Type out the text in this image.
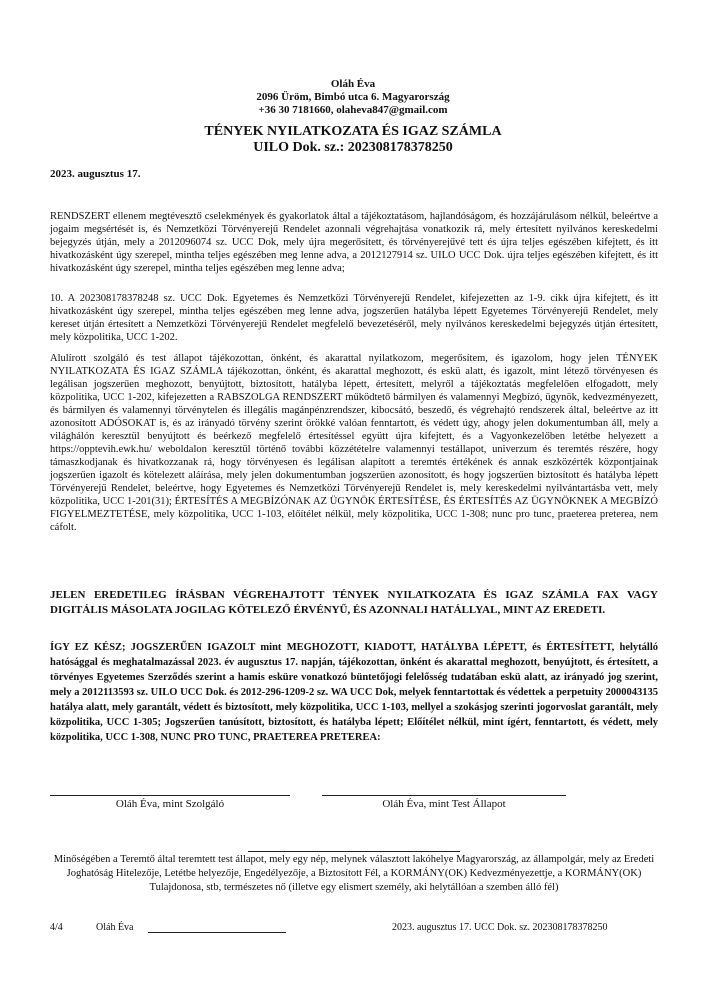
Oláh Éva
2096 Üröm, Bimbó utca 6. Magyarország
+36 30 7181660, olaheva847@gmail.com
TÉNYEK NYILATKOZATA ÉS IGAZ SZÁMLA
UILO Dok. sz.: 202308178378250
2023. augusztus 17.

RENDSZERT ellenem megtévesztő cselekmények és gyakorlatok által a tájékoztatásom, hajlandóságom, és hozzájárulásom nélkül, beleértve a jogaim megsértését is, és Nemzetközi Törvényerejű Rendelet azonnali végrehajtása vonatkozik rá, mely értesített nyilvános kereskedelmi bejegyzés útján, mely a 2012096074 sz. UCC Dok, mely újra megerősített, és törvényerejűvé tett és újra teljes egészében kifejtett, és itt hivatkozásként úgy szerepel, mintha teljes egészében meg lenne adva, a 2012127914 sz. UILO UCC Dok. újra teljes egészében kifejtett, és itt hivatkozásként úgy szerepel, mintha teljes egészében meg lenne adva;

10. A 202308178378248 sz. UCC Dok. Egyetemes és Nemzetközi Törvényerejű Rendelet, kifejezetten az 1-9. cikk újra kifejtett, és itt hivatkozásként úgy szerepel, mintha teljes egészében meg lenne adva, jogszerűen hatályba lépett Egyetemes Törvényerejű Rendelet, mely kereset útján értesített a Nemzetközi Törvényerejű Rendelet megfelelő bevezetéséről, mely nyilvános kereskedelmi bejegyzés útján értesített, mely közpolitika, UCC 1-202.

Alulírott szolgáló és test állapot tájékozottan, önként, és akarattal nyilatkozom, megerősítem, és igazolom, hogy jelen TÉNYEK NYILATKOZATA ÉS IGAZ SZÁMLA tájékozottan, önként, és akarattal meghozott, és eskü alatt, és igazolt, mint létező törvényesen és legálisan jogszerűen meghozott, benyújtott, biztosított, hatályba lépett, értesített, melyről a tájékoztatás megfelelően elfogadott, mely közpolitika, UCC 1-202, kifejezetten a RABSZOLGA RENDSZERT működtető bármilyen és valamennyi Megbízó, ügynök, kedvezményezett, és bármilyen és valamennyi törvénytelen és illegális magánpénzrendszer, kibocsátó, beszedő, és végrehajtó rendszerek által, beleértve az itt azonosított ADÓSOKAT is, és az irányadó törvény szerint örökké valóan fenntartott, és védett úgy, ahogy jelen dokumentumban áll, mely a világhálón keresztül benyújtott és beérkező megfelelő értesítéssel együtt újra kifejtett, és a Vagyonkezelőben letétbe helyezett a https://opptevih.ewk.hu/ weboldalon keresztül történő további közzétételre valamennyi testállapot, univerzum és teremtés részére, hogy támaszkodjanak és hivatkozzanak rá, hogy törvényesen és legálisan alapított a teremtés értékének és annak eszközérték központjainak jogszerűen igazolt és kötelezett aláírása, mely jelen dokumentumban jogszerűen azonosított, és hogy jogszerűen biztosított és hatályba lépett Törvényerejű Rendelet, beleértve, hogy Egyetemes és Nemzetközi Törvényerejű Rendelet is, mely kereskedelmi nyilvántartásba vett, mely közpolitika, UCC 1-201(31); ÉRTESÍTÉS A MEGBÍZÓNAK AZ ÜGYNÖK ÉRTESÍTÉSE, ÉS ÉRTESÍTÉS AZ ÜGYNÖKNEK A MEGBÍZÓ FIGYELMEZTETÉSE, mely közpolitika, UCC 1-103, előítélet nélkül, mely közpolitika, UCC 1-308; nunc pro tunc, praeterea preterea, nem cáfolt.

JELEN EREDETILEG ÍRÁSBAN VÉGREHAJTOTT TÉNYEK NYILATKOZATA ÉS IGAZ SZÁMLA FAX VAGY DIGITÁLIS MÁSOLATA JOGILAG KÖTELEZŐ ÉRVÉNYŰ, ÉS AZONNALI HATÁLLYAL, MINT AZ EREDETI.

ÍGY EZ KÉSZ; JOGSZERŰEN IGAZOLT mint MEGHOZOTT, KIADOTT, HATÁLYBA LÉPETT, és ÉRTESÍTETT, helytálló hatósággal és meghatalmazással 2023. év augusztus 17. napján, tájékozottan, önként és akarattal meghozott, benyújtott, és értesített, a törvényes Egyetemes Szerződés szerint a hamis esküre vonatkozó büntetőjogi felelősség tudatában eskü alatt, az irányadó jog szerint, mely a 2012113593 sz. UILO UCC Dok. és 2012-296-1209-2 sz. WA UCC Dok, melyek fenntartottak és védettek a perpetuity 2000043135 hatálya alatt, mely garantált, védett és biztosított, mely közpolitika, UCC 1-103, mellyel a szokásjog szerinti jogorvoslat garantált, mely közpolitika, UCC 1-305; Jogszerűen tanúsított, biztosított, és hatályba lépett; Előítélet nélkül, mint ígért, fenntartott, és védett, mely közpolitika, UCC 1-308, NUNC PRO TUNC, PRAETEREA PRETEREA:

Oláh Éva, mint Szolgáló	Oláh Éva, mint Test Állapot

Minőségében a Teremtő által teremtett test állapot, mely egy nép, melynek választott lakóhelye Magyarország, az állampolgár, mely az Eredeti Joghatóság Hitelezője, Letétbe helyezője, Engedélyezője, a Biztosított Fél, a KORMÁNY(OK) Kedvezményezettje, a KORMÁNY(OK) Tulajdonosa, stb, természetes nő (illetve egy elismert személy, aki helytállóan a szemben álló fél)

4/4	Oláh Éva	2023. augusztus 17. UCC Dok. sz. 202308178378250
